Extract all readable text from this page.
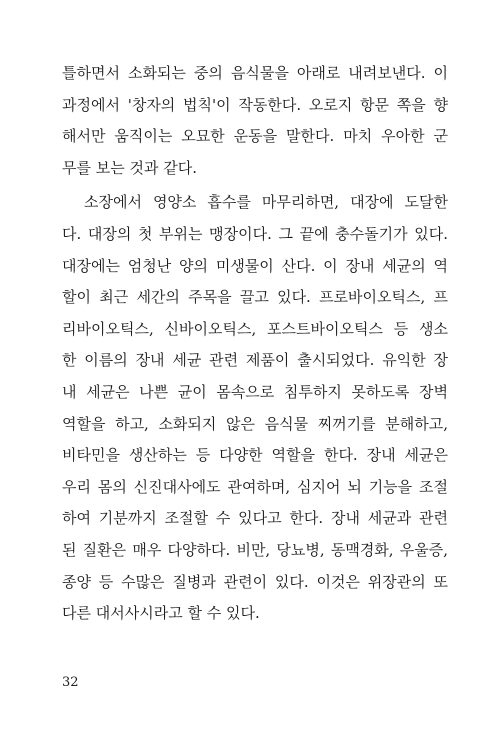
틀하면서 소화되는 중의 음식물을 아래로 내려보낸다. 이
과정에서 '창자의 법칙'이 작동한다. 오로지 항문 쪽을 향
해서만 움직이는 오묘한 운동을 말한다. 마치 우아한 군
무를 보는 것과 같다.
소장에서 영양소 흡수를 마무리하면, 대장에 도달한
다. 대장의 첫 부위는 맹장이다. 그 끝에 충수돌기가 있다.
대장에는 엄청난 양의 미생물이 산다. 이 장내 세균의 역
할이 최근 세간의 주목을 끌고 있다. 프로바이오틱스, 프
리바이오틱스, 신바이오틱스, 포스트바이오틱스 등 생소
한 이름의 장내 세균 관련 제품이 출시되었다. 유익한 장
내 세균은 나쁜 균이 몸속으로 침투하지 못하도록 장벽
역할을 하고, 소화되지 않은 음식물 찌꺼기를 분해하고,
비타민을 생산하는 등 다양한 역할을 한다. 장내 세균은
우리 몸의 신진대사에도 관여하며, 심지어 뇌 기능을 조절
하여 기분까지 조절할 수 있다고 한다. 장내 세균과 관련
된 질환은 매우 다양하다. 비만, 당뇨병, 동맥경화, 우울증,
종양 등 수많은 질병과 관련이 있다. 이것은 위장관의 또
다른 대서사시라고 할 수 있다.
32
